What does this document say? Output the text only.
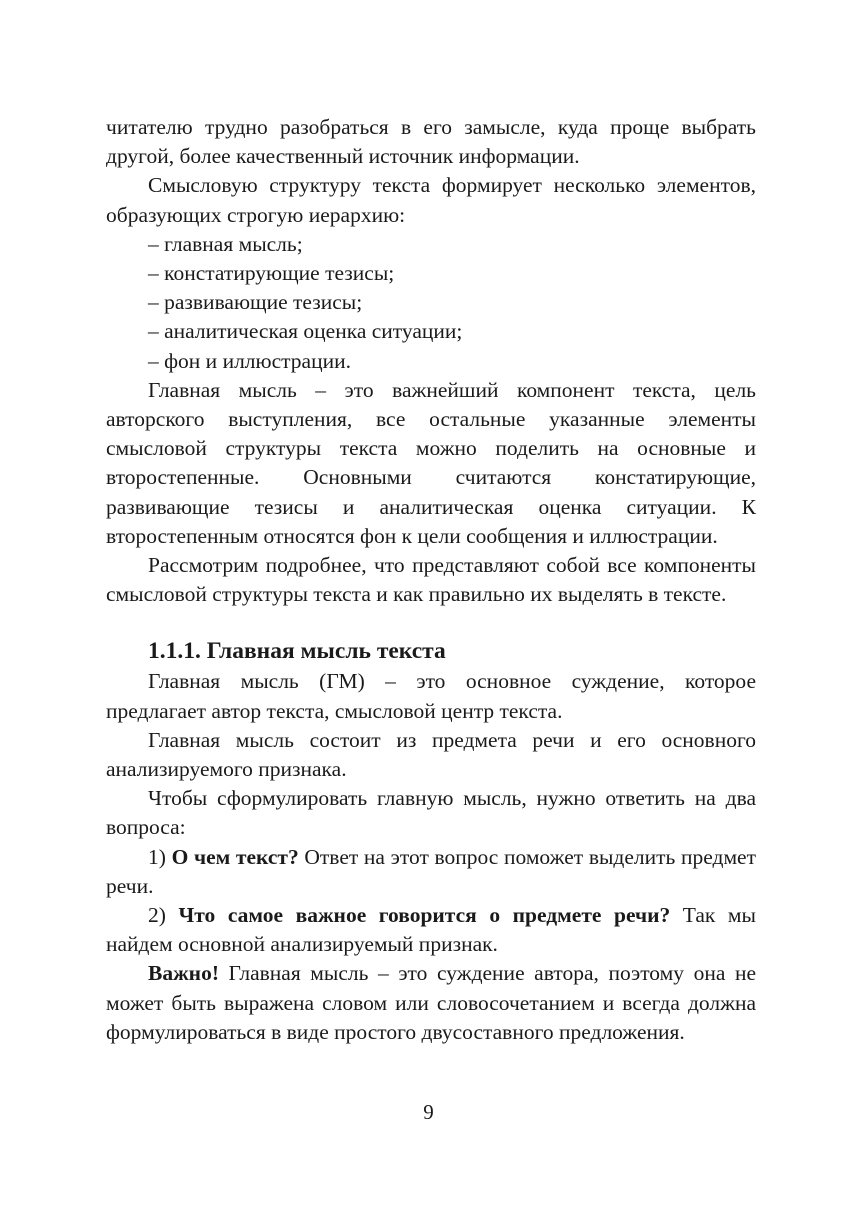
читателю трудно разобраться в его замысле, куда проще выбрать другой, более качественный источник информации.

Смысловую структуру текста формирует несколько элементов, образующих строгую иерархию:

– главная мысль;

– констатирующие тезисы;

– развивающие тезисы;

– аналитическая оценка ситуации;

– фон и иллюстрации.

Главная мысль – это важнейший компонент текста, цель авторского выступления, все остальные указанные элементы смысловой структуры текста можно поделить на основные и второстепенные. Основными считаются констатирующие, развивающие тезисы и аналитическая оценка ситуации. К второстепенным относятся фон к цели сообщения и иллюстрации.

Рассмотрим подробнее, что представляют собой все компоненты смысловой структуры текста и как правильно их выделять в тексте.

1.1.1. Главная мысль текста

Главная мысль (ГМ) – это основное суждение, которое предлагает автор текста, смысловой центр текста.

Главная мысль состоит из предмета речи и его основного анализируемого признака.

Чтобы сформулировать главную мысль, нужно ответить на два вопроса:

1) О чем текст? Ответ на этот вопрос поможет выделить предмет речи.

2) Что самое важное говорится о предмете речи? Так мы найдем основной анализируемый признак.

Важно! Главная мысль – это суждение автора, поэтому она не может быть выражена словом или словосочетанием и всегда должна формулироваться в виде простого двусоставного предложения.

9
